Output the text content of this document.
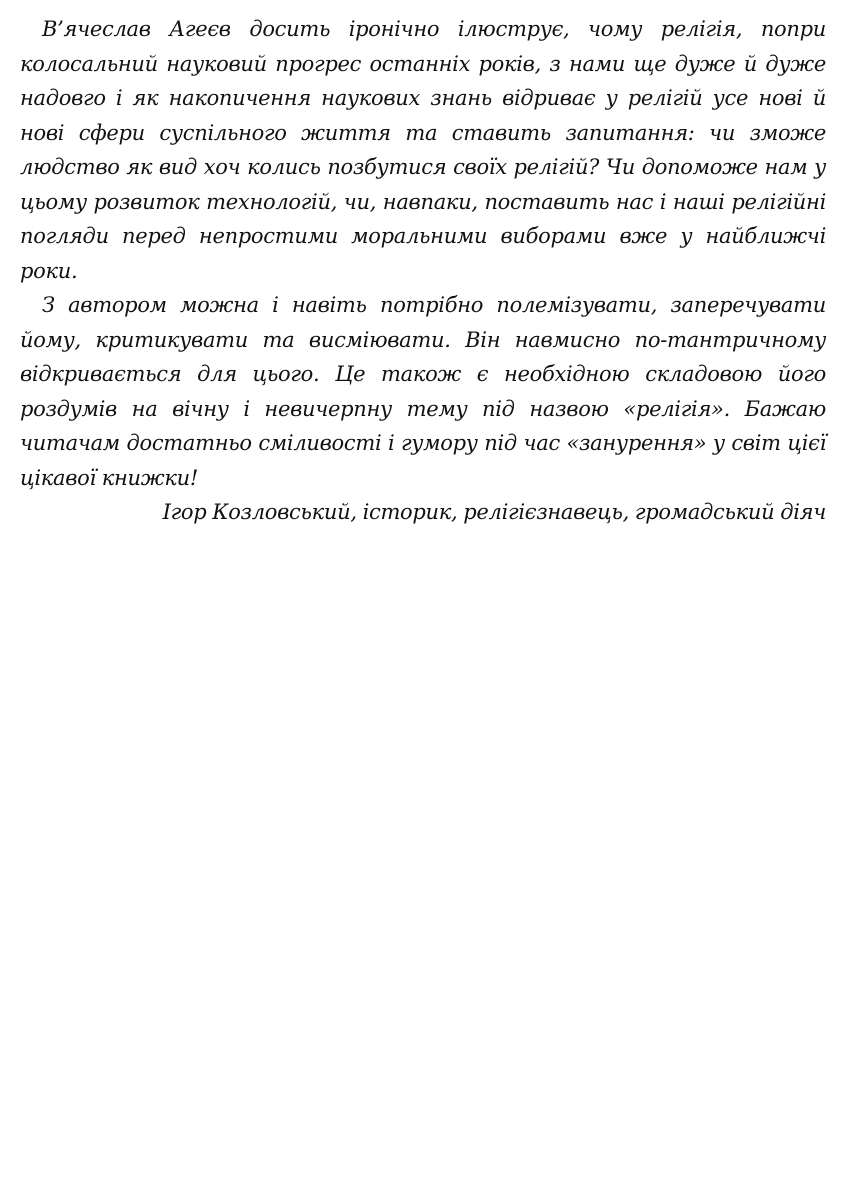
В’ячеслав Агеєв досить іронічно ілюструє, чому релігія, попри колосальний науковий прогрес останніх років, з нами ще дуже й дуже надовго і як накопичення наукових знань відриває у релігій усе нові й нові сфери суспільного життя та ставить запитання: чи зможе людство як вид хоч колись позбутися своїх релігій? Чи допоможе нам у цьому розвиток технологій, чи, навпаки, поставить нас і наші релігійні погляди перед непростими моральними виборами вже у найближчі роки.

З автором можна і навіть потрібно полемізувати, заперечувати йому, критикувати та висміювати. Він навмисно по-тантричному відкривається для цього. Це також є необхідною складовою його роздумів на вічну і невичерпну тему під назвою «релігія». Бажаю читачам достатньо сміливості і гумору під час «занурення» у світ цієї цікавої книжки!

Ігор Козловський, історик, релігієзнавець, громадський діяч
